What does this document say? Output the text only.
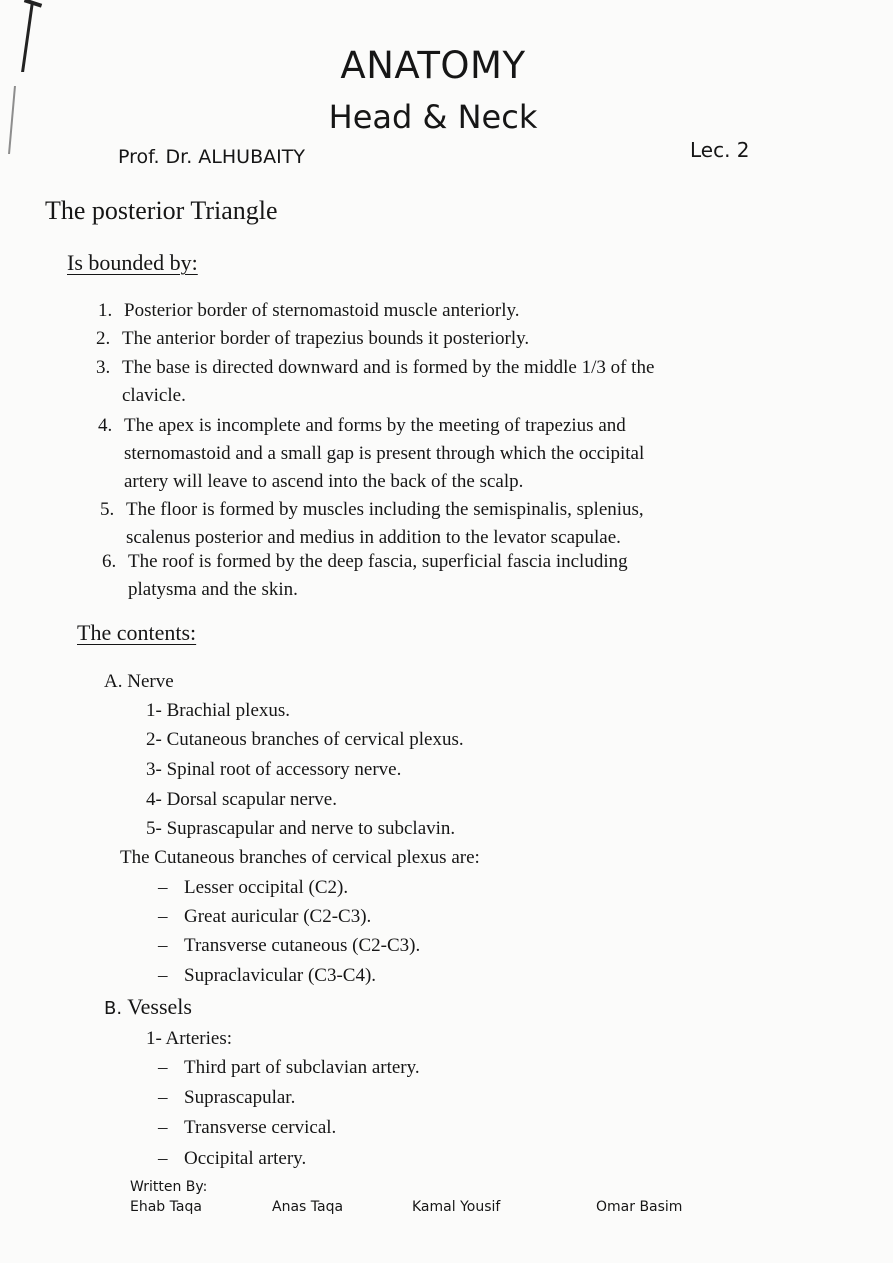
ANATOMY
Head & Neck
Prof. Dr. ALHUBAITY	Lec. 2
The posterior Triangle
Is bounded by:
1. Posterior border of sternomastoid muscle anteriorly.
2. The anterior border of trapezius bounds it posteriorly.
3. The base is directed downward and is formed by the middle 1/3 of the
clavicle.
4. The apex is incomplete and forms by the meeting of trapezius and
sternomastoid and a small gap is present through which the occipital
artery will leave to ascend into the back of the scalp.
5. The floor is formed by muscles including the semispinalis, splenius,
scalenus posterior and medius in addition to the levator scapulae.
6. The roof is formed by the deep fascia, superficial fascia including
platysma and the skin.
The contents:
A. Nerve
1- Brachial plexus.
2- Cutaneous branches of cervical plexus.
3- Spinal root of accessory nerve.
4- Dorsal scapular nerve.
5- Suprascapular and nerve to subclavin.
The Cutaneous branches of cervical plexus are:
– Lesser occipital (C2).
– Great auricular (C2-C3).
– Transverse cutaneous (C2-C3).
– Supraclavicular (C3-C4).
B. Vessels
1- Arteries:
– Third part of subclavian artery.
– Suprascapular.
– Transverse cervical.
– Occipital artery.
Written By:
Ehab Taqa	Anas Taqa	Kamal Yousif	Omar Basim
